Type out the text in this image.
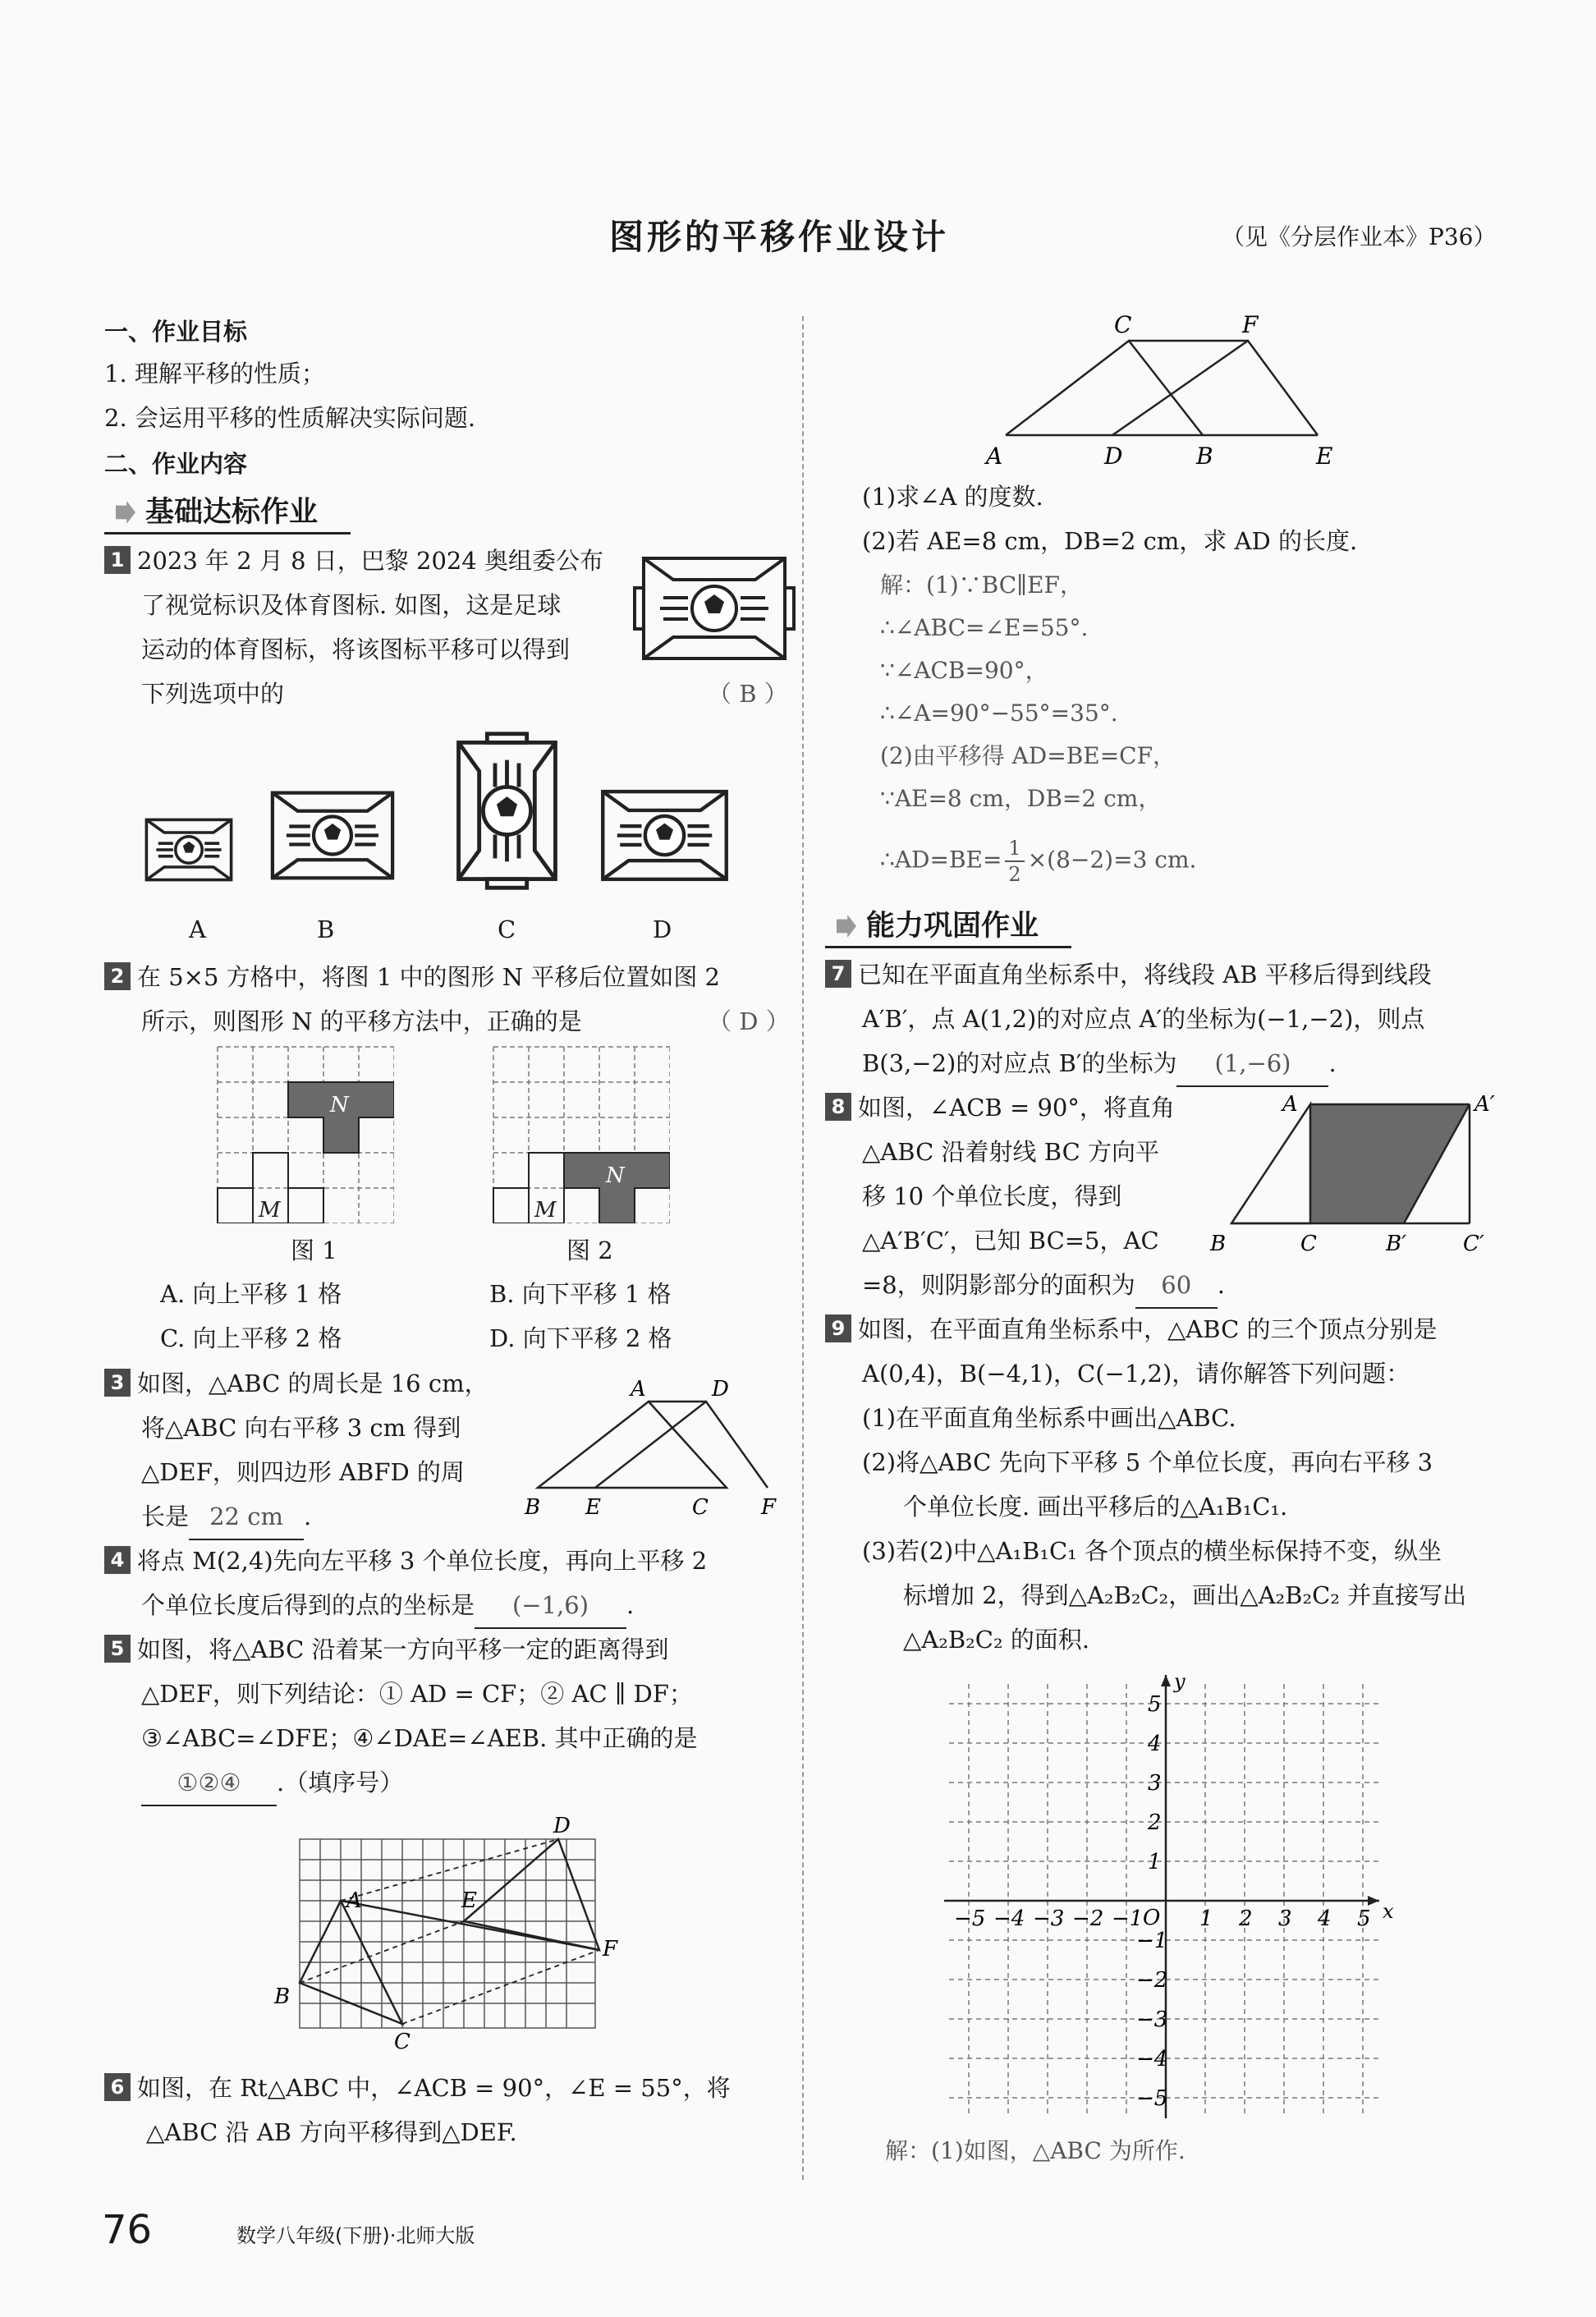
图形的平移作业设计	（见《分层作业本》P36）
一、作业目标
1. 理解平移的性质；
2. 会运用平移的性质解决实际问题.
二、作业内容
基础达标作业
1 2023 年 2 月 8 日，巴黎 2024 奥组委公布
了视觉标识及体育图标. 如图，这是足球
运动的体育图标，将该图标平移可以得到
下列选项中的	（ B ）
A	B	C	D
2 在 5×5 方格中，将图 1 中的图形 N 平移后位置如图 2
所示，则图形 N 的平移方法中，正确的是	（ D ）
N
M
图 1
N
M
图 2
A. 向上平移 1 格	B. 向下平移 1 格
C. 向上平移 2 格	D. 向下平移 2 格
3 如图，△ABC 的周长是 16 cm，
将△ABC 向右平移 3 cm 得到
△DEF，则四边形 ABFD 的周
长是 22 cm .
A	D
B E	C F
4 将点 M(2,4)先向左平移 3 个单位长度，再向上平移 2
个单位长度后得到的点的坐标是 (−1,6) .
5 如图，将△ABC 沿着某一方向平移一定的距离得到
△DEF，则下列结论：① AD = CF；② AC ∥ DF；
③∠ABC=∠DFE；④∠DAE=∠AEB. 其中正确的是
①②④ .（填序号）
D
A	E
F
B
C
6 如图，在 Rt△ABC 中，∠ACB = 90°，∠E = 55°，将
△ABC 沿 AB 方向平移得到△DEF.
C	F
A	D	B	E
(1)求∠A 的度数.
(2)若 AE=8 cm，DB=2 cm，求 AD 的长度.
解：(1)∵BC∥EF，
∴∠ABC=∠E=55°.
∵∠ACB=90°，
∴∠A=90°−55°=35°.
(2)由平移得 AD=BE=CF，
∵AE=8 cm，DB=2 cm，
∴AD=BE= $\frac{1}{2} \times(8-2)=3$ cm.
能力巩固作业
7 已知在平面直角坐标系中，将线段 AB 平移后得到线段
A′B′，点 A(1,2)的对应点 A′的坐标为(−1,−2)，则点
B(3,−2)的对应点 B′的坐标为 (1,−6) .
8 如图，∠ACB = 90°，将直角
△ABC 沿着射线 BC 方向平
移 10 个单位长度，得到
△A′B′C′，已知 BC=5，AC
=8，则阴影部分的面积为 60 .
A	A′
B	C	B′	C′
9 如图，在平面直角坐标系中，△ABC 的三个顶点分别是
A(0,4)，B(−4,1)，C(−1,2)，请你解答下列问题：
(1)在平面直角坐标系中画出△ABC.
(2)将△ABC 先向下平移 5 个单位长度，再向右平移 3
个单位长度. 画出平移后的△A₁B₁C₁.
(3)若(2)中△A₁B₁C₁ 各个顶点的横坐标保持不变，纵坐
标增加 2，得到△A₂B₂C₂，画出△A₂B₂C₂ 并直接写出
△A₂B₂C₂ 的面积.
x
y
O
−5 −4 −3 −2 −1	1 2 3 4 5
5
4
3
2
1
−1
−2
−3
−4
−5
解：(1)如图，△ABC 为所作.
76	数学八年级(下册)·北师大版
